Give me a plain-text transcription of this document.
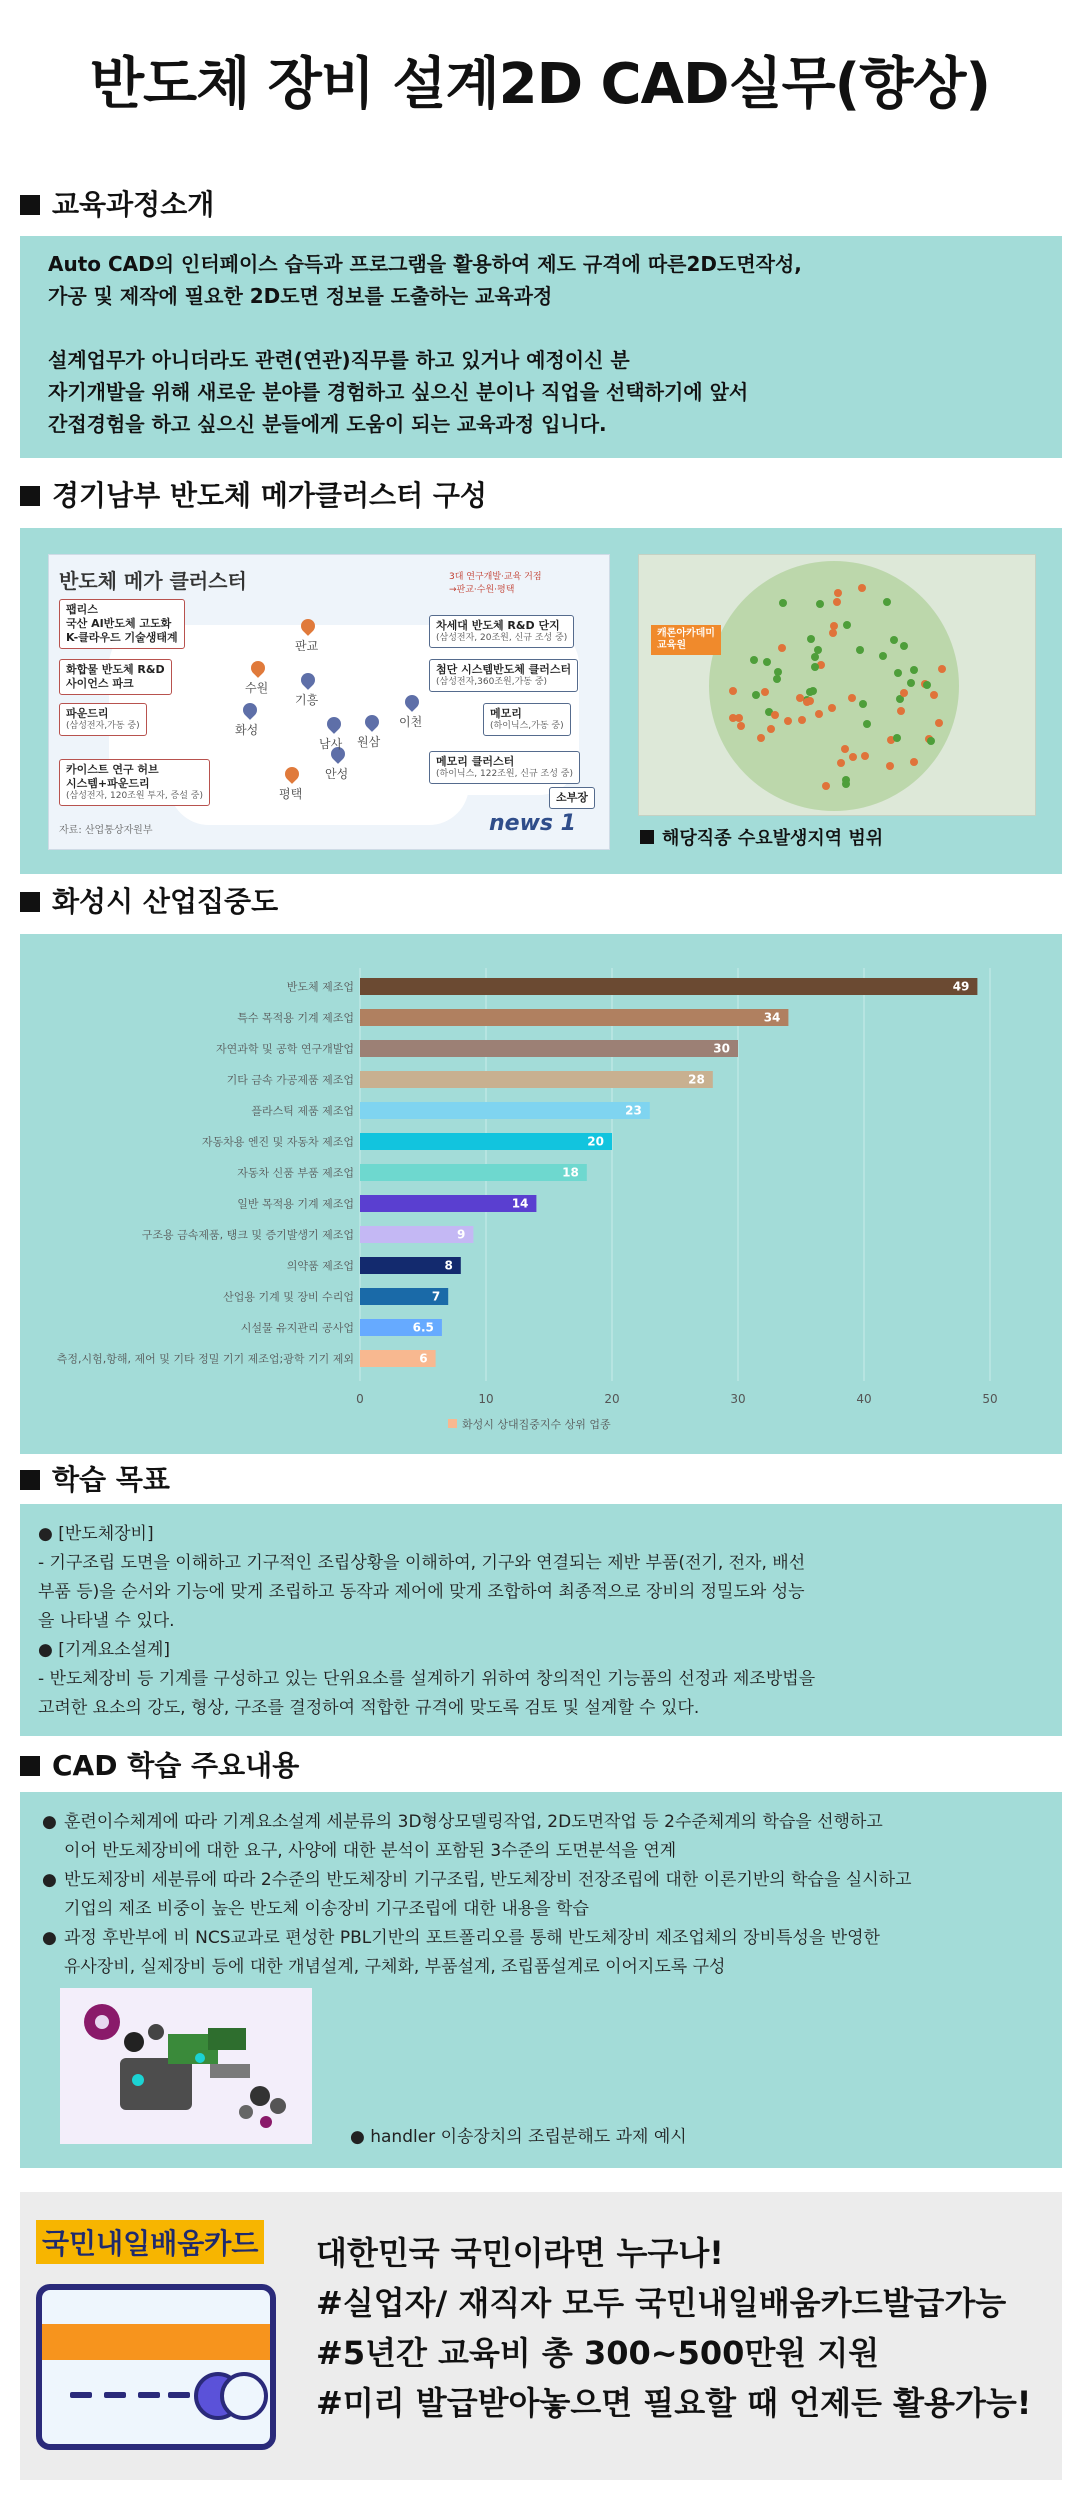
반도체 장비 설계2D CAD실무(향상)
교육과정소개
Auto CAD의 인터페이스 습득과 프로그램을 활용하여 제도 규격에 따른2D도면작성,
가공 및 제작에 필요한 2D도면 정보를 도출하는 교육과정

설계업무가 아니더라도 관련(연관)직무를 하고 있거나 예정이신 분
자기개발을 위해 새로운 분야를 경험하고 싶으신 분이나 직업을 선택하기에 앞서
간접경험을 하고 싶으신 분들에게 도움이 되는 교육과정 입니다.
경기남부 반도체 메가클러스터 구성
반도체 메가 클러스터	3대 연구개발·교육 거점
→판교·수원·평택
팹리스
국산 AI반도체 고도화
K-클라우드 기술생태계
화합물 반도체 R&D
사이언스 파크
파운드리
(삼성전자,가동 중)
카이스트 연구 허브
시스템+파운드리
(삼성전자, 120조원 투자, 증설 중)
차세대 반도체 R&D 단지
(삼성전자, 20조원, 신규 조성 중)
첨단 시스템반도체 클러스터
(삼성전자,360조원,가동 중)
메모리
(하이닉스,가동 중)
메모리 클러스터
(하이닉스, 122조원, 신규 조성 중)
소부장
판교
수원
기흥
화성
남사 원삼
이천
안성
평택
자료: 산업통상자원부	news 1
캐론아카데미
교육원
해당직종 수요발생지역 범위
화성시 산업집중도
0	10	20	30	40	50
반도체 제조업	49
특수 목적용 기계 제조업	34
자연과학 및 공학 연구개발업	30
기타 금속 가공제품 제조업	28
플라스틱 제품 제조업	23
자동차용 엔진 및 자동차 제조업	20
자동차 신품 부품 제조업	18
일반 목적용 기계 제조업	14
구조용 금속제품, 탱크 및 증기발생기 제조업	9
의약품 제조업	8
산업용 기계 및 장비 수리업	7
시설물 유지관리 공사업	6.5
측정,시험,항해, 제어 및 기타 정밀 기기 제조업;광학 기기 제외	6
화성시 상대집중지수 상위 업종
학습 목표
● [반도체장비]
- 기구조립 도면을 이해하고 기구적인 조립상황을 이해하여, 기구와 연결되는 제반 부품(전기, 전자, 배선
부품 등)을 순서와 기능에 맞게 조립하고 동작과 제어에 맞게 조합하여 최종적으로 장비의 정밀도와 성능
을 나타낼 수 있다.
● [기계요소설계]
- 반도체장비 등 기계를 구성하고 있는 단위요소를 설계하기 위하여 창의적인 기능품의 선정과 제조방법을
고려한 요소의 강도, 형상, 구조를 결정하여 적합한 규격에 맞도록 검토 및 설계할 수 있다.
CAD 학습 주요내용
● 훈련이수체계에 따라 기계요소설계 세분류의 3D형상모델링작업, 2D도면작업 등 2수준체계의 학습을 선행하고
이어 반도체장비에 대한 요구, 사양에 대한 분석이 포함된 3수준의 도면분석을 연계
● 반도체장비 세분류에 따라 2수준의 반도체장비 기구조립, 반도체장비 전장조립에 대한 이론기반의 학습을 실시하고
기업의 제조 비중이 높은 반도체 이송장비 기구조립에 대한 내용을 학습
● 과정 후반부에 비 NCS교과로 편성한 PBL기반의 포트폴리오를 통해 반도체장비 제조업체의 장비특성을 반영한
유사장비, 실제장비 등에 대한 개념설계, 구체화, 부품설계, 조립품설계로 이어지도록 구성
● handler 이송장치의 조립분해도 과제 예시
국민내일배움카드 대한민국 국민이라면 누구나!
#실업자/ 재직자 모두 국민내일배움카드발급가능
#5년간 교육비 총 300~500만원 지원
#미리 발급받아놓으면 필요할 때 언제든 활용가능!
